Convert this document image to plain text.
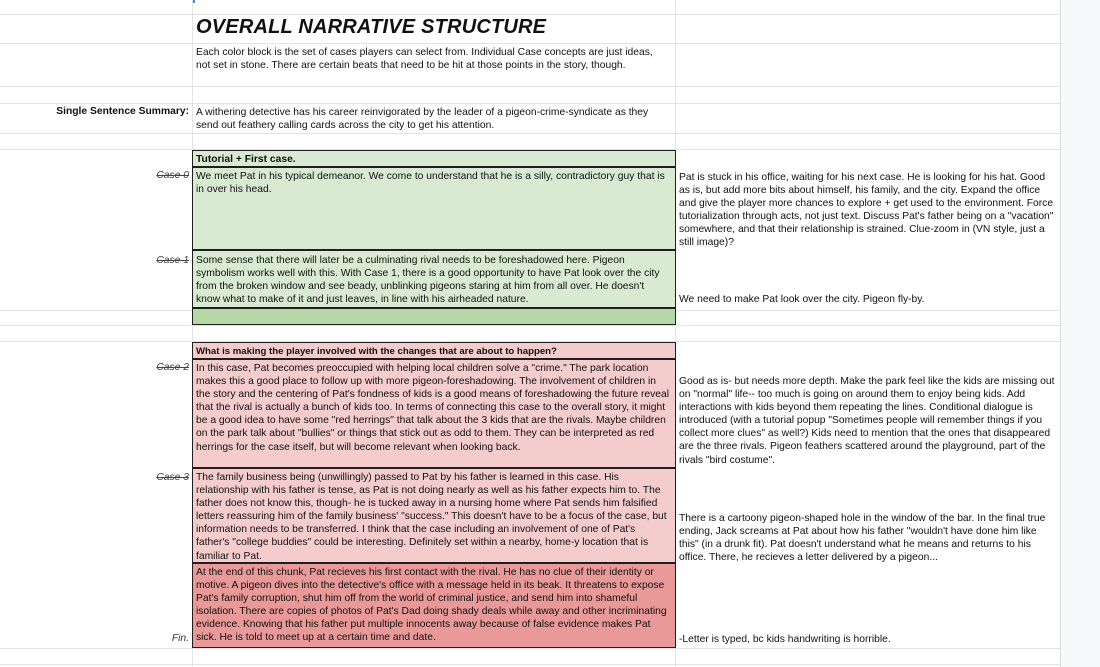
OVERALL NARRATIVE STRUCTURE
Each color block is the set of cases players can select from. Individual Case concepts are just ideas, not set in stone. There are certain beats that need to be hit at those points in the story, though.
Single Sentence Summary: A withering detective has his career reinvigorated by the leader of a pigeon-crime-syndicate as they send out feathery calling cards across the city to get his attention.
Tutorial + First case.
Case 0 We meet Pat in his typical demeanor. We come to understand that he is a silly, contradictory guy that is in over his head.
Pat is stuck in his office, waiting for his next case. He is looking for his hat. Good as is, but add more bits about himself, his family, and the city. Expand the office and give the player more chances to explore + get used to the environment. Force tutorialization through acts, not just text. Discuss Pat's father being on a "vacation" somewhere, and that their relationship is strained. Clue-zoom in (VN style, just a still image)?
Case 1 Some sense that there will later be a culminating rival needs to be foreshadowed here. Pigeon symbolism works well with this. With Case 1, there is a good opportunity to have Pat look over the city from the broken window and see beady, unblinking pigeons staring at him from all over. He doesn't know what to make of it and just leaves, in line with his airheaded nature.	We need to make Pat look over the city. Pigeon fly-by.
What is making the player involved with the changes that are about to happen?
Case 2 In this case, Pat becomes preoccupied with helping local children solve a "crime." The park location makes this a good place to follow up with more pigeon-foreshadowing. The involvement of children in the story and the centering of Pat's fondness of kids is a good means of foreshadowing the future reveal that the rival is actually a bunch of kids too. In terms of connecting this case to the overall story, it might be a good idea to have some "red herrings" that talk about the 3 kids that are the rivals. Maybe children on the park talk about "bullies" or things that stick out as odd to them. They can be interpreted as red herrings for the case itself, but will become relevant when looking back.
Good as is- but needs more depth. Make the park feel like the kids are missing out on "normal" life-- too much is going on around them to enjoy being kids. Add interactions with kids beyond them repeating the lines. Conditional dialogue is introduced (with a tutorial popup "Sometimes people will remember things if you collect more clues" as well?) Kids need to mention that the ones that disappeared are the three rivals. Pigeon feathers scattered around the playground, part of the rivals "bird costume".
Case 3 The family business being (unwillingly) passed to Pat by his father is learned in this case. His relationship with his father is tense, as Pat is not doing nearly as well as his father expects him to. The father does not know this, though- he is tucked away in a nursing home where Pat sends him falsified letters reassuring him of the family business' "success." This doesn't have to be a focus of the case, but information needs to be transferred. I think that the case including an involvement of one of Pat's father's "college buddies" could be interesting. Definitely set within a nearby, home-y location that is familiar to Pat.
There is a cartoony pigeon-shaped hole in the window of the bar. In the final true ending, Jack screams at Pat about how his father "wouldn't have done him like this" (in a drunk fit). Pat doesn't understand what he means and returns to his office. There, he recieves a letter delivered by a pigeon...
Fin.
At the end of this chunk, Pat recieves his first contact with the rival. He has no clue of their identity or motive. A pigeon dives into the detective's office with a message held in its beak. It threatens to expose Pat's family corruption, shut him off from the world of criminal justice, and send him into shameful isolation. There are copies of photos of Pat's Dad doing shady deals while away and other incriminating evidence. Knowing that his father put multiple innocents away because of false evidence makes Pat sick. He is told to meet up at a certain time and date.	-Letter is typed, bc kids handwriting is horrible.
